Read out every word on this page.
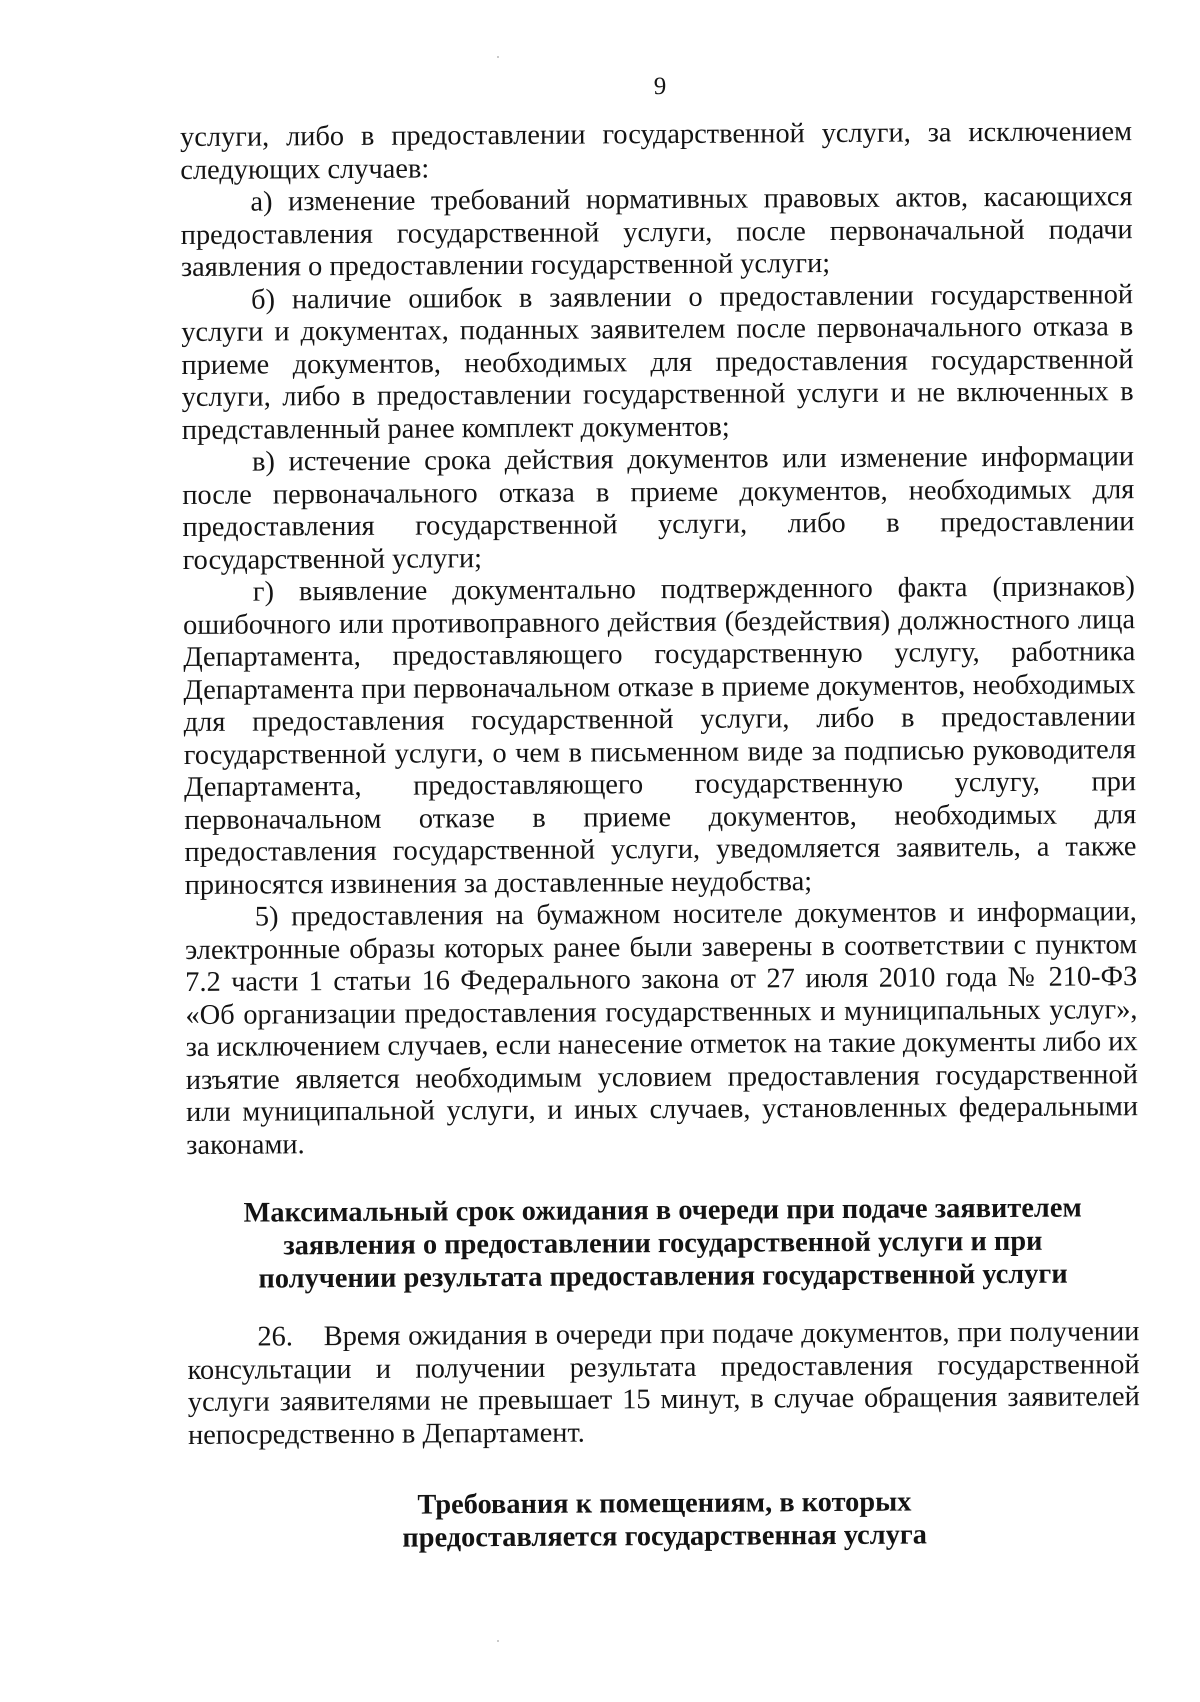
9

услуги, либо в предоставлении государственной услуги, за исключением следующих случаев:

а) изменение требований нормативных правовых актов, касающихся предоставления государственной услуги, после первоначальной подачи заявления о предоставлении государственной услуги;

б) наличие ошибок в заявлении о предоставлении государственной услуги и документах, поданных заявителем после первоначального отказа в приеме документов, необходимых для предоставления государственной услуги, либо в предоставлении государственной услуги и не включенных в представленный ранее комплект документов;

в) истечение срока действия документов или изменение информации после первоначального отказа в приеме документов, необходимых для предоставления государственной услуги, либо в предоставлении государственной услуги;

г) выявление документально подтвержденного факта (признаков) ошибочного или противоправного действия (бездействия) должностного лица Департамента, предоставляющего государственную услугу, работника Департамента при первоначальном отказе в приеме документов, необходимых для предоставления государственной услуги, либо в предоставлении государственной услуги, о чем в письменном виде за подписью руководителя Департамента, предоставляющего государственную услугу, при первоначальном отказе в приеме документов, необходимых для предоставления государственной услуги, уведомляется заявитель, а также приносятся извинения за доставленные неудобства;

5) предоставления на бумажном носителе документов и информации, электронные образы которых ранее были заверены в соответствии с пунктом 7.2 части 1 статьи 16 Федерального закона от 27 июля 2010 года № 210-ФЗ «Об организации предоставления государственных и муниципальных услуг», за исключением случаев, если нанесение отметок на такие документы либо их изъятие является необходимым условием предоставления государственной или муниципальной услуги, и иных случаев, установленных федеральными законами.

Максимальный срок ожидания в очереди при подаче заявителем заявления о предоставлении государственной услуги и при получении результата предоставления государственной услуги

26. Время ожидания в очереди при подаче документов, при получении консультации и получении результата предоставления государственной услуги заявителями не превышает 15 минут, в случае обращения заявителей непосредственно в Департамент.

Требования к помещениям, в которых предоставляется государственная услуга
